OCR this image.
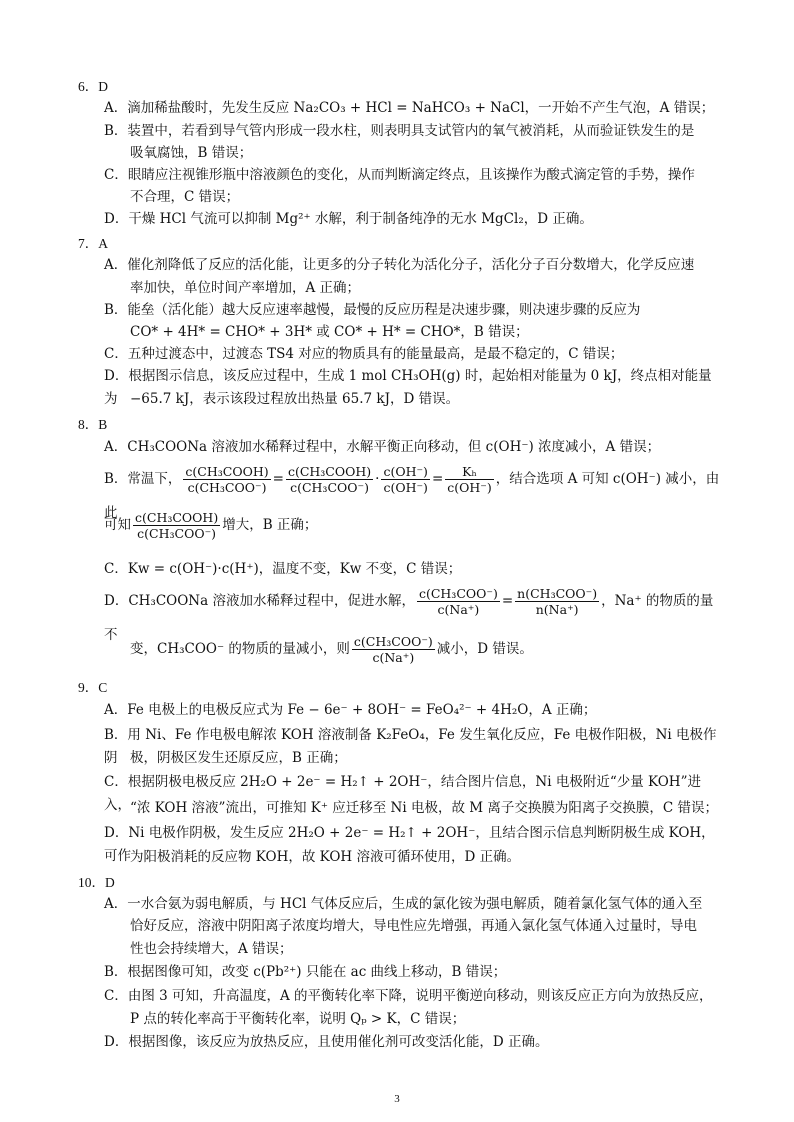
6．D
A．滴加稀盐酸时，先发生反应 Na₂CO₃ + HCl = NaHCO₃ + NaCl，一开始不产生气泡，A 错误；
B．装置中，若看到导气管内形成一段水柱，则表明具支试管内的氧气被消耗，从而验证铁发生的是
吸氧腐蚀，B 错误；
C．眼睛应注视锥形瓶中溶液颜色的变化，从而判断滴定终点，且该操作为酸式滴定管的手势，操作
不合理，C 错误；
D．干燥 HCl 气流可以抑制 Mg²⁺ 水解，利于制备纯净的无水 MgCl₂，D 正确。
7．A
A．催化剂降低了反应的活化能，让更多的分子转化为活化分子，活化分子百分数增大，化学反应速
率加快，单位时间产率增加，A 正确；
B．能垒（活化能）越大反应速率越慢，最慢的反应历程是决速步骤，则决速步骤的反应为
CO* + 4H* = CHO* + 3H* 或 CO* + H* = CHO*，B 错误；
C．五种过渡态中，过渡态 TS4 对应的物质具有的能量最高，是最不稳定的，C 错误；
D．根据图示信息，该反应过程中，生成 1 mol CH₃OH(g) 时，起始相对能量为 0 kJ，终点相对能量为 −65.7 kJ，表示该段过程放出热量 65.7 kJ，D 错误。
8．B
A．CH₃COONa 溶液加水稀释过程中，水解平衡正向移动，但 c(OH⁻) 浓度减小，A 错误；
B．常温下， $\frac{\text{c(CH₃COOH)}}{\text{c(CH₃COO⁻)}} = \frac{\text{c(CH₃COOH)}}{\text{c(CH₃COO⁻)}} \cdot \frac{c(OH^-)}{c(OH^-)} = \frac{\text{Kₕ}}{c(OH^-)}$ ，结合选项 A 可知 c(OH⁻) 减小，由此
可知 $\frac{\text{c(CH₃COOH)}}{\text{c(CH₃COO⁻)}}$ 增大，B 正确；
C．Kw = c(OH⁻)·c(H⁺)，温度不变，Kw 不变，C 错误；
D．CH₃COONa 溶液加水稀释过程中，促进水解， $\frac{\text{c(CH₃COO⁻)}}{c(Na^+)} = \frac{\text{n(CH₃COO⁻)}}{n(Na^+)}$ ，Na⁺ 的物质的量不
变，CH₃COO⁻ 的物质的量减小，则 $\frac{\text{c(CH₃COO⁻)}}{c(Na^+)}$ 减小，D 错误。
9．C
A．Fe 电极上的电极反应式为 Fe − 6e⁻ + 8OH⁻ = FeO₄²⁻ + 4H₂O，A 正确；
B．用 Ni、Fe 作电极电解浓 KOH 溶液制备 K₂FeO₄，Fe 发生氧化反应，Fe 电极作阳极，Ni 电极作阴 极，阴极区发生还原反应，B 正确；
C．根据阴极电极反应 2H₂O + 2e⁻ = H₂↑ + 2OH⁻，结合图片信息，Ni 电极附近“少量 KOH”进入， “浓 KOH 溶液”流出，可推知 K⁺ 应迁移至 Ni 电极，故 M 离子交换膜为阳离子交换膜，C 错误；
D．Ni 电极作阴极，发生反应 2H₂O + 2e⁻ = H₂↑ + 2OH⁻，且结合图示信息判断阴极生成 KOH，可作 为阳极消耗的反应物 KOH，故 KOH 溶液可循环使用，D 正确。
10．D
A．一水合氨为弱电解质，与 HCl 气体反应后，生成的氯化铵为强电解质，随着氯化氢气体的通入至
恰好反应，溶液中阴阳离子浓度均增大，导电性应先增强，再通入氯化氢气体通入过量时，导电
性也会持续增大，A 错误；
B．根据图像可知，改变 c(Pb²⁺) 只能在 ac 曲线上移动，B 错误；
C．由图 3 可知，升高温度，A 的平衡转化率下降，说明平衡逆向移动，则该反应正方向为放热反应，
P 点的转化率高于平衡转化率，说明 Qₚ > K，C 错误；
D．根据图像，该反应为放热反应，且使用催化剂可改变活化能，D 正确。
3
